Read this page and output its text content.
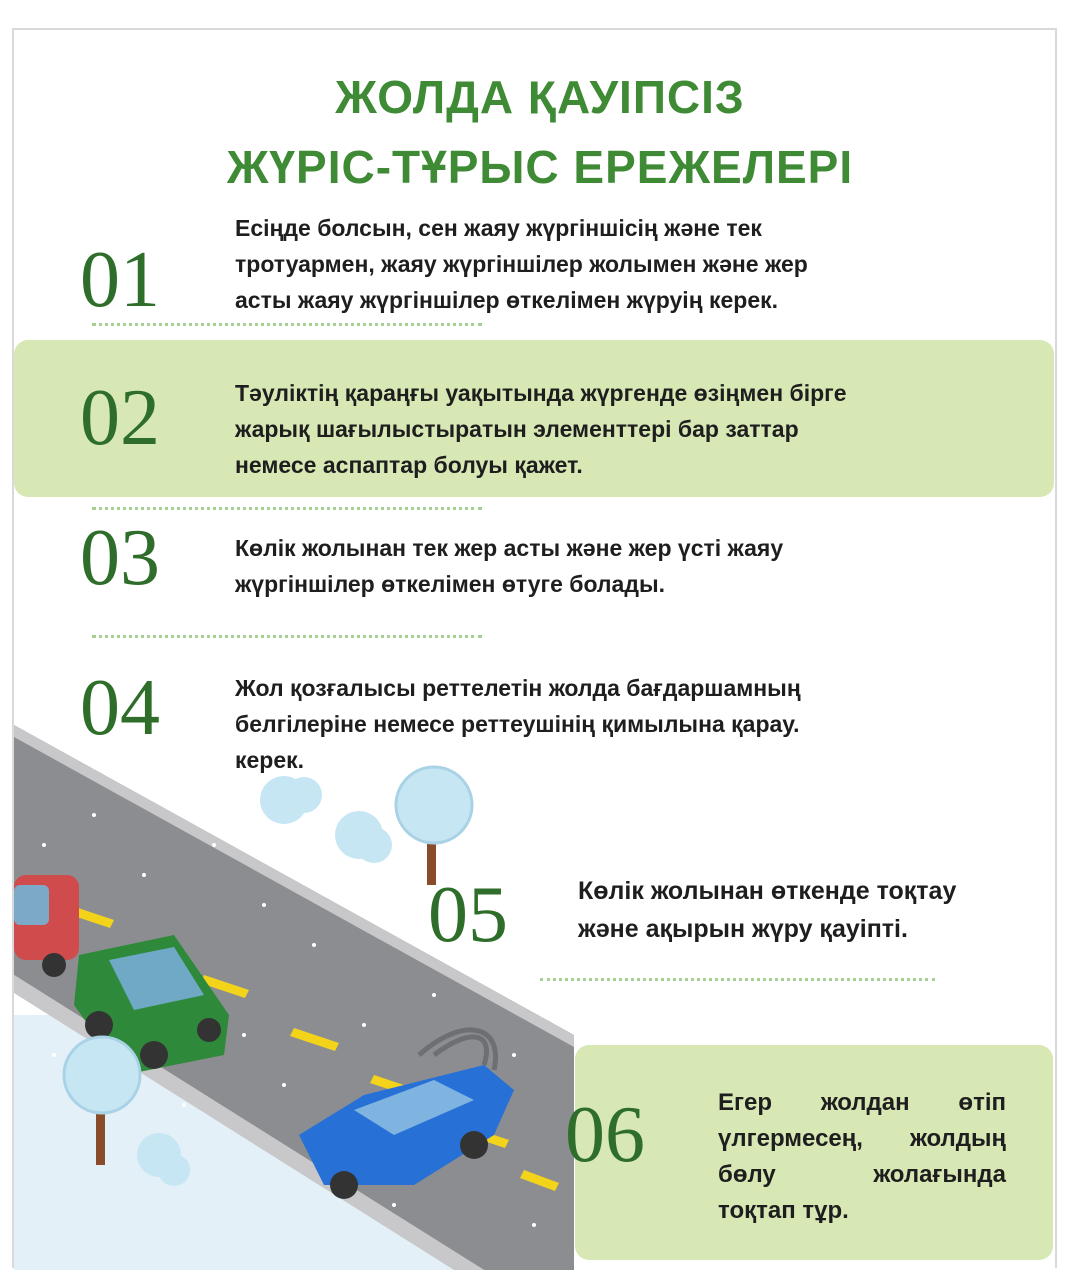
ЖОЛДА ҚАУІПСІЗ
ЖҮРІС-ТҰРЫС ЕРЕЖЕЛЕРІ
01
Есіңде болсын, сен жаяу жүргіншісің және тек
тротуармен, жаяу жүргіншілер жолымен және жер
асты жаяу жүргіншілер өткелімен жүруің керек.
02	Тәуліктің қараңғы уақытында жүргенде өзіңмен бірге
жарық шағылыстыратын элементтері бар заттар
немесе аспаптар болуы қажет.
03	Көлік жолынан тек жер асты және жер үсті жаяу
жүргіншілер өткелімен өтуге болады.
04	Жол қозғалысы реттелетін жолда бағдаршамның
белгілеріне немесе реттеушінің қимылына қарау.
керек.
05	Көлік жолынан өткенде тоқтау
және ақырын жүру қауіпті.
06	Егер жолдан өтіп
үлгермесең, жолдың
бөлу жолағында
тоқтап тұр.
